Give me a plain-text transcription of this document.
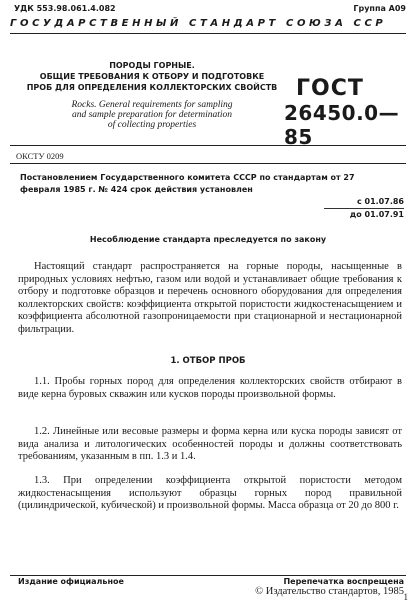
УДК 553.98.061.4.082	Группа А09
ГОСУДАРСТВЕННЫЙ СТАНДАРТ СОЮЗА ССР
ПОРОДЫ ГОРНЫЕ.
ОБЩИЕ ТРЕБОВАНИЯ К ОТБОРУ И ПОДГОТОВКЕ
ПРОБ ДЛЯ ОПРЕДЕЛЕНИЯ КОЛЛЕКТОРСКИХ СВОЙСТВ ГОСТ
26450.0—85
Rocks. General requirements for sampling
and sample preparation for determination
of collecting properties
ОКСТУ 0209
Постановлением Государственного комитета СССР по стандартам от 27 февраля 1985 г. № 424 срок действия установлен
с 01.07.86
до 01.07.91
Несоблюдение стандарта преследуется по закону
Настоящий стандарт распространяется на горные породы, насыщенные в природных условиях нефтью, газом или водой и устанавливает общие требования к отбору и подготовке образцов и перечень основного оборудования для определения коллекторских свойств: коэффициента открытой пористости жидкостенасыщением и коэффициента абсолютной газопроницаемости при стационарной и нестационарной фильтрации.
1. ОТБОР ПРОБ
1.1. Пробы горных пород для определения коллекторских свойств отбирают в виде керна буровых скважин или кусков породы произвольной формы.
1.2. Линейные или весовые размеры и форма керна или куска породы зависят от вида анализа и литологических особенностей породы и должны соответствовать требованиям, указанным в пп. 1.3 и 1.4.
1.3. При определении коэффициента открытой пористости методом жидкостенасыщения используют образцы горных пород правильной (цилиндрической, кубической) и произвольной формы. Масса образца от 20 до 800 г.
Издание официальное	Перепечатка воспрещена
© Издательство стандартов, 1985 1
